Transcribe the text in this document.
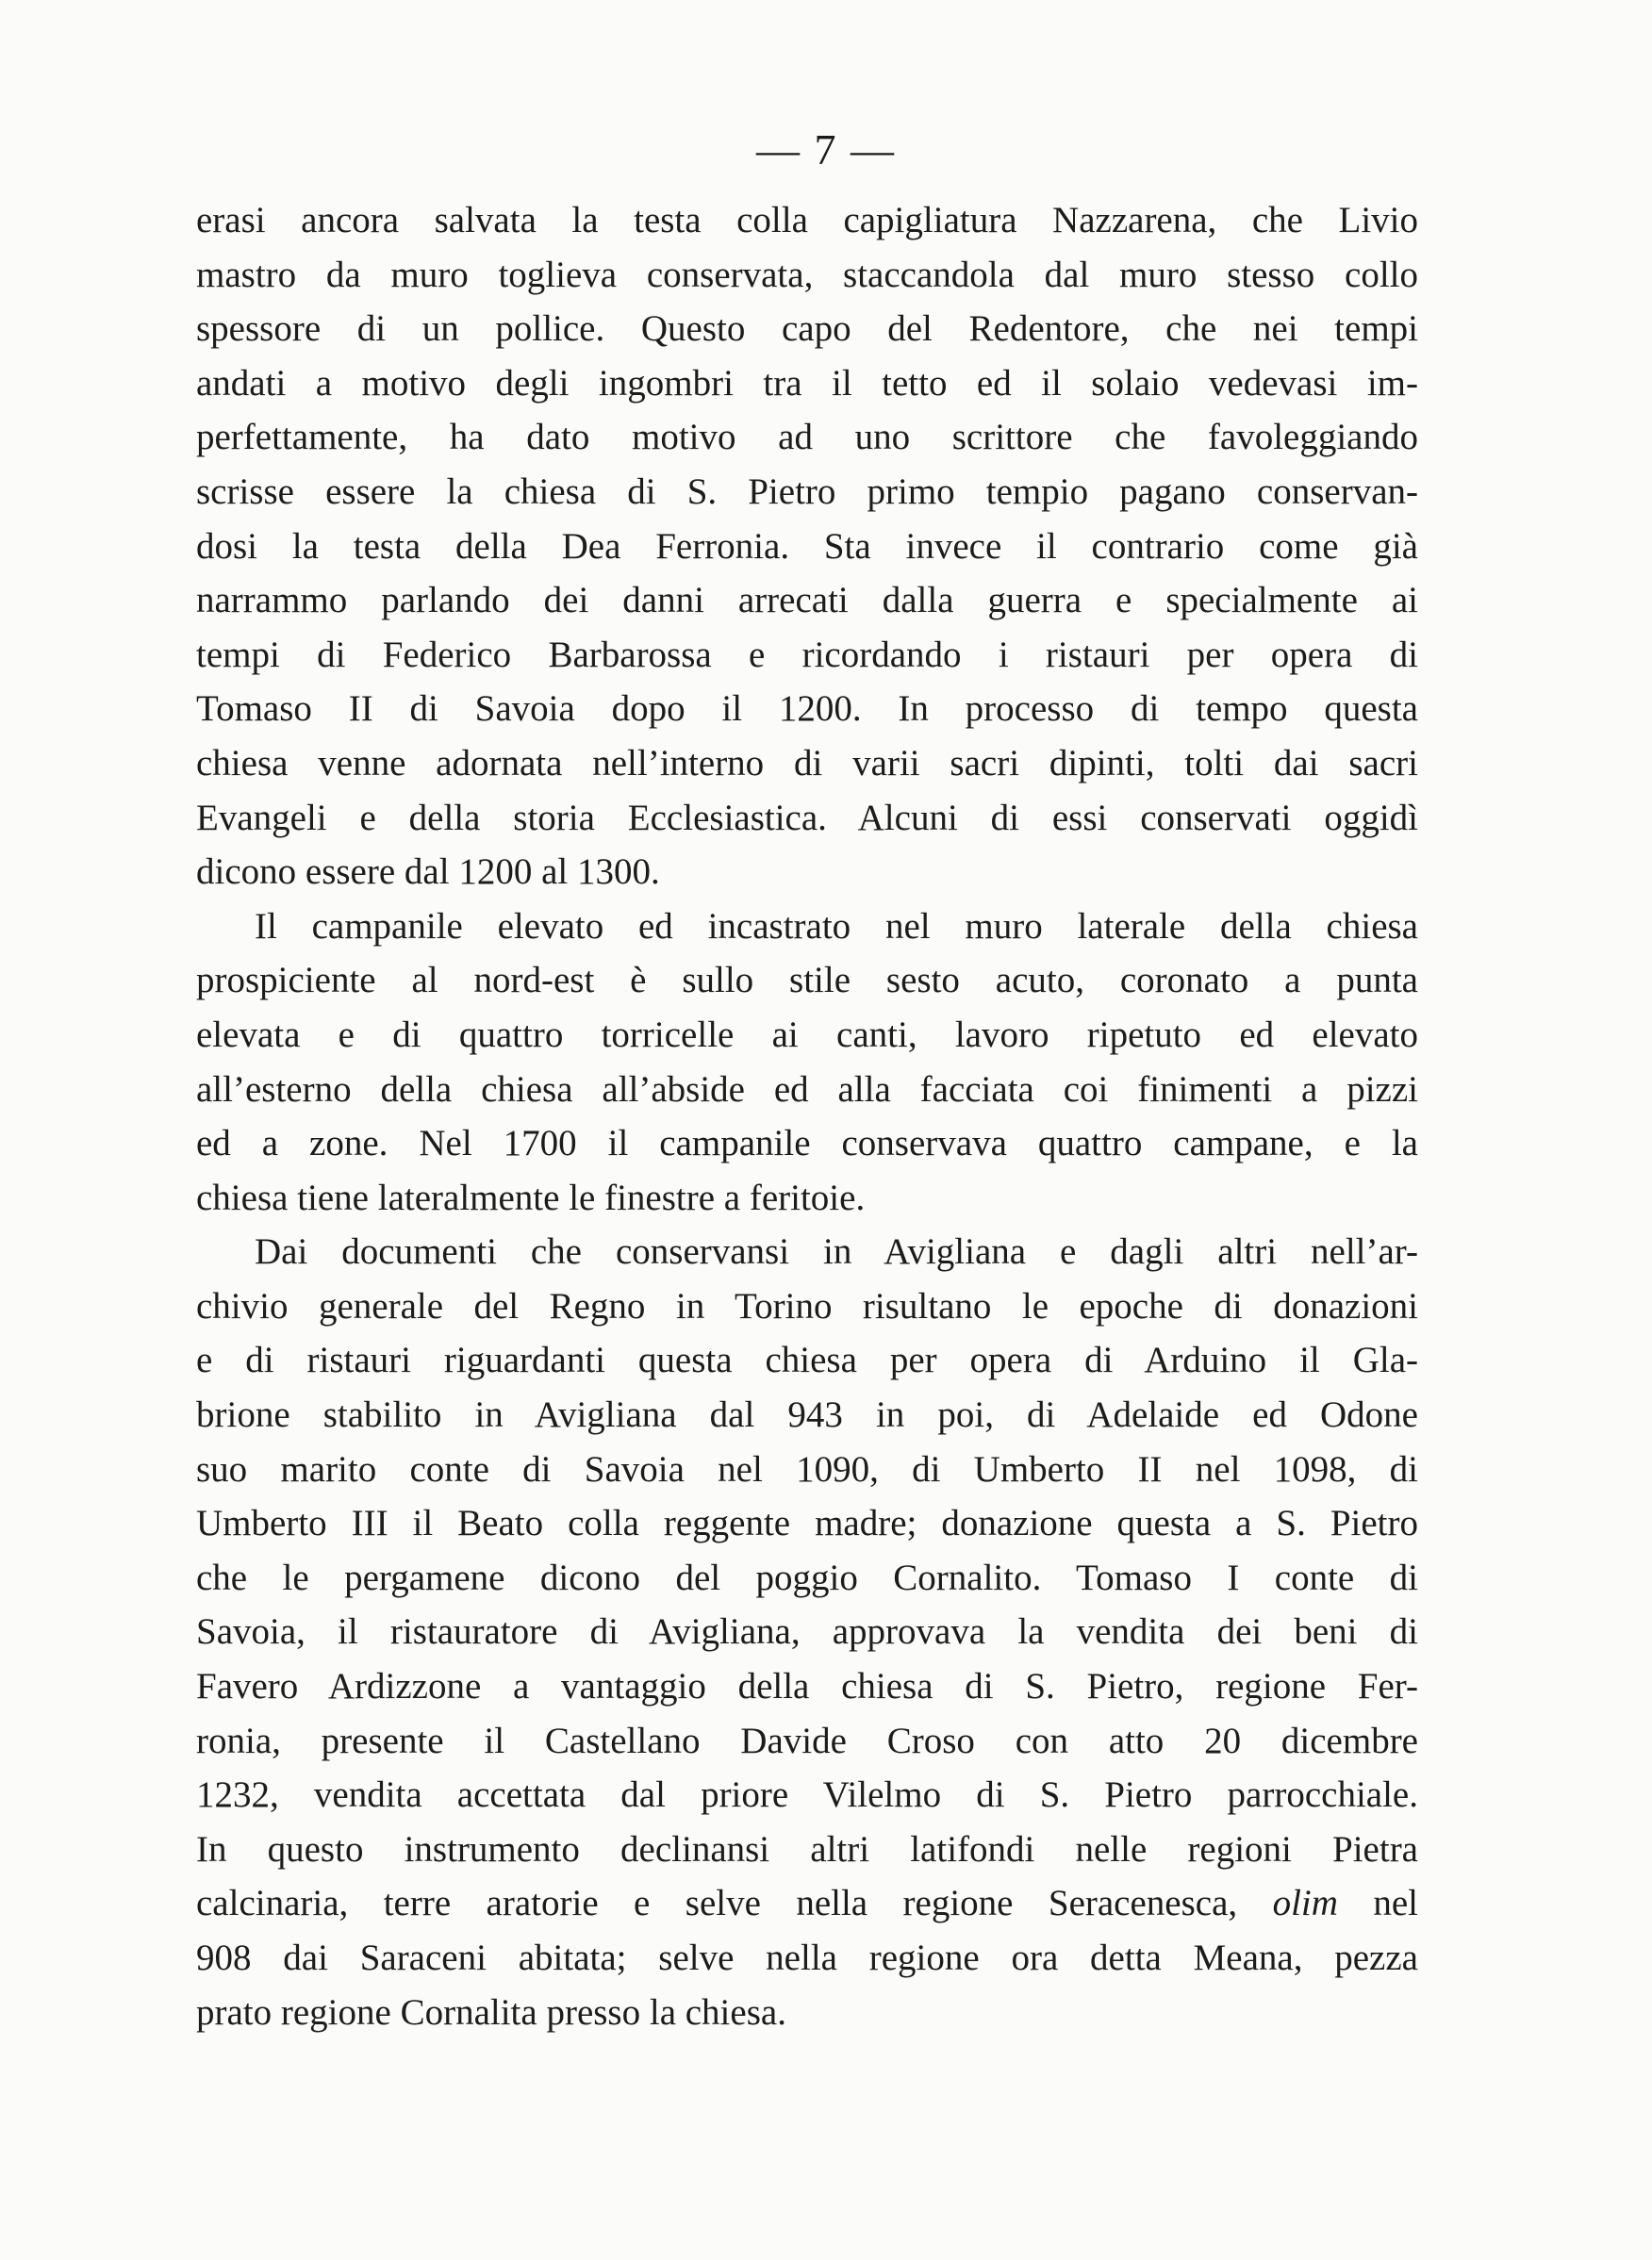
— 7 —
erasi ancora salvata la testa colla capigliatura Nazzarena, che Livio
mastro da muro toglieva conservata, staccandola dal muro stesso collo
spessore di un pollice. Questo capo del Redentore, che nei tempi
andati a motivo degli ingombri tra il tetto ed il solaio vedevasi im-
perfettamente, ha dato motivo ad uno scrittore che favoleggiando
scrisse essere la chiesa di S. Pietro primo tempio pagano conservan-
dosi la testa della Dea Ferronia. Sta invece il contrario come già
narrammo parlando dei danni arrecati dalla guerra e specialmente ai
tempi di Federico Barbarossa e ricordando i ristauri per opera di
Tomaso II di Savoia dopo il 1200. In processo di tempo questa
chiesa venne adornata nell’interno di varii sacri dipinti, tolti dai sacri
Evangeli e della storia Ecclesiastica. Alcuni di essi conservati oggidì
dicono essere dal 1200 al 1300.
Il campanile elevato ed incastrato nel muro laterale della chiesa
prospiciente al nord-est è sullo stile sesto acuto, coronato a punta
elevata e di quattro torricelle ai canti, lavoro ripetuto ed elevato
all’esterno della chiesa all’abside ed alla facciata coi finimenti a pizzi
ed a zone. Nel 1700 il campanile conservava quattro campane, e la
chiesa tiene lateralmente le finestre a feritoie.
Dai documenti che conservansi in Avigliana e dagli altri nell’ar-
chivio generale del Regno in Torino risultano le epoche di donazioni
e di ristauri riguardanti questa chiesa per opera di Arduino il Gla-
brione stabilito in Avigliana dal 943 in poi, di Adelaide ed Odone
suo marito conte di Savoia nel 1090, di Umberto II nel 1098, di
Umberto III il Beato colla reggente madre; donazione questa a S. Pietro
che le pergamene dicono del poggio Cornalito. Tomaso I conte di
Savoia, il ristauratore di Avigliana, approvava la vendita dei beni di
Favero Ardizzone a vantaggio della chiesa di S. Pietro, regione Fer-
ronia, presente il Castellano Davide Croso con atto 20 dicembre
1232, vendita accettata dal priore Vilelmo di S. Pietro parrocchiale.
In questo instrumento declinansi altri latifondi nelle regioni Pietra
calcinaria, terre aratorie e selve nella regione Seracenesca, olim nel
908 dai Saraceni abitata; selve nella regione ora detta Meana, pezza
prato regione Cornalita presso la chiesa.
